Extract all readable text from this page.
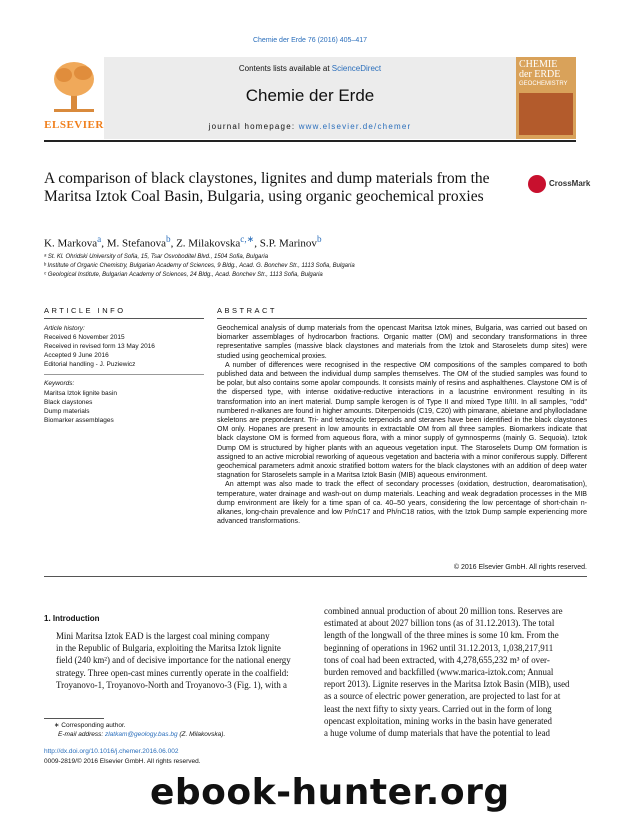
Chemie der Erde 76 (2016) 405–417
ELSEVIER
Contents lists available at ScienceDirect
Chemie der Erde
journal homepage: www.elsevier.de/chemer
CHEMIE
der ERDE
GEOCHEMISTRY
A comparison of black claystones, lignites and dump materials from the Maritsa Iztok Coal Basin, Bulgaria, using organic geochemical proxies
CrossMark
K. Markova$^a$, M. Stefanova$^b$, Z. Milakovska$^{c,∗}$, S.P. Marinov$^b$
ᵃ St. Kl. Ohridski University of Sofia, 15, Tsar Osvoboditel Blvd., 1504 Sofia, Bulgaria
ᵇ Institute of Organic Chemistry, Bulgarian Academy of Sciences, 9 Bldg., Acad. G. Bonchev Str., 1113 Sofia, Bulgaria
ᶜ Geological Institute, Bulgarian Academy of Sciences, 24 Bldg., Acad. Bonchev Str., 1113 Sofia, Bulgaria
ARTICLE INFO	ABSTRACT
Article history:
Received 6 November 2015
Received in revised form 13 May 2016
Accepted 9 June 2016
Editorial handling - J. Puziewicz
Keywords:
Maritsa Iztok lignite basin
Black claystones
Dump materials
Biomarker assemblages

Geochemical analysis of dump materials from the opencast Maritsa Iztok mines, Bulgaria, was carried out based on biomarker assemblages of hydrocarbon fractions. Organic matter (OM) and secondary transformations in three representative samples (massive black claystones and materials from the Iztok and Staroselets dump sites) were studied using geochemical proxies.

A number of differences were recognised in the respective OM compositions of the samples compared to both published data and between the individual dump samples themselves. The OM of the studied samples was found to be polar, but also contains some apolar compounds. It consists mainly of resins and asphalthenes. Claystone OM is of the dispersed type, with intense oxidative-reductive interactions in a lacustrine environment resulting in its transformation into an inert material. Dump sample kerogen is of Type II and mixed Type II/III. In all samples, "odd" numbered n-alkanes are found in higher amounts. Diterpenoids (C19, C20) with pimarane, abietane and phyllocladane skeletons are preponderant. Tri- and tetracyclic terpenoids and steranes have been identified in the black claystones OM only. Hopanes are present in low amounts in extractable OM from all three samples. Biomarkers indicate that black claystone OM is formed from aqueous flora, with a minor supply of gymnosperms (mainly G. Sequoia). Iztok Dump OM is structured by higher plants with an aqueous vegetation input. The Staroselets Dump OM formation is assigned to an active microbial reworking of aqueous vegetation and bacteria with a minor coniferous supply. Different geochemical parameters admit anoxic stratified bottom waters for the black claystones with an addition of deep water stagnation for Staroselets sample in a Maritsa Iztok Basin (MIB) aqueous environment.

An attempt was also made to track the effect of secondary processes (oxidation, destruction, dearomatisation), temperature, water drainage and wash-out on dump materials. Leaching and weak degradation processes in the MIB dump environment are likely for a time span of ca. 40–50 years, considering the low percentage of short-chain n-alkanes, long-chain prevalence and low Pr/nC17 and Ph/nC18 ratios, with the Iztok Dump sample experiencing more advanced transformations.

© 2016 Elsevier GmbH. All rights reserved.
1. Introduction
Mini Maritsa Iztok EAD is the largest coal mining company
in the Republic of Bulgaria, exploiting the Maritsa Iztok lignite
field (240 km²) and of decisive importance for the national energy
strategy. Three open-cast mines currently operate in the coalfield:
Troyanovo-1, Troyanovo-North and Troyanovo-3 (Fig. 1), with a
combined annual production of about 20 million tons. Reserves are
estimated at about 2027 billion tons (as of 31.12.2013). The total
length of the longwall of the three mines is some 10 km. From the
beginning of operations in 1962 until 31.12.2013, 1,038,217,911
tons of coal had been extracted, with 4,278,655,232 m³ of over-
burden removed and backfilled (www.marica-iztok.com; Annual
report 2013). Lignite reserves in the Maritsa Iztok Basin (MIB), used
as a source of electric power generation, are projected to last for at
least the next fifty to sixty years. Carried out in the form of long
opencast exploitation, mining works in the basin have generated
a huge volume of dump materials that have the potential to lead
∗ Corresponding author.
E-mail address: zlatkam@geology.bas.bg (Z. Milakovska).
http://dx.doi.org/10.1016/j.chemer.2016.06.002
0009-2819/© 2016 Elsevier GmbH. All rights reserved.
ebook-hunter.org
